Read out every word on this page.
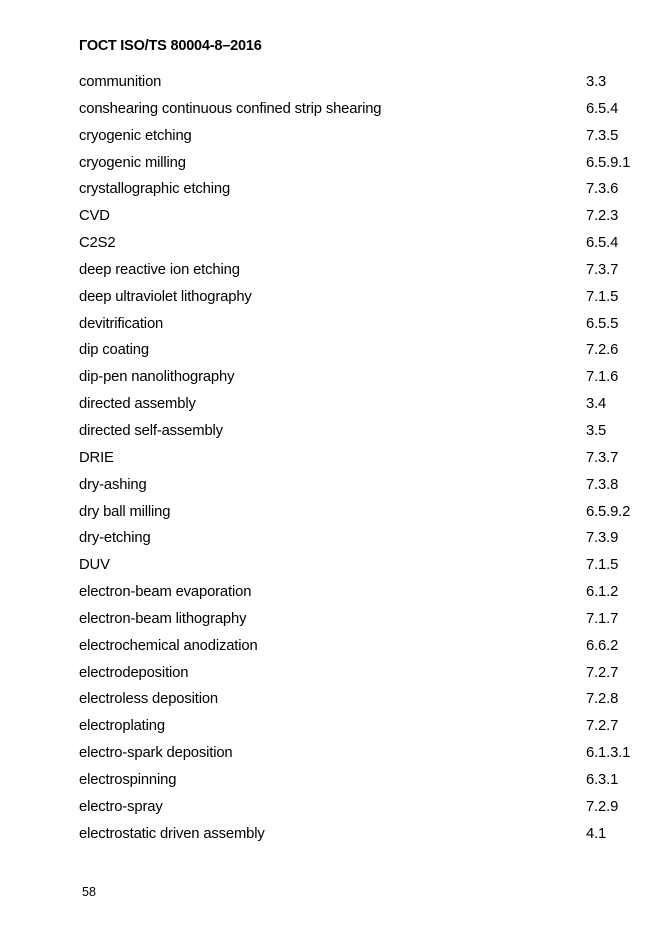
ГОСТ ISO/TS 80004-8–2016
communition	3.3
conshearing continuous confined strip shearing	6.5.4
cryogenic etching	7.3.5
cryogenic milling	6.5.9.1
crystallographic etching	7.3.6
CVD	7.2.3
C2S2	6.5.4
deep reactive ion etching	7.3.7
deep ultraviolet lithography	7.1.5
devitrification	6.5.5
dip coating	7.2.6
dip-pen nanolithography	7.1.6
directed assembly	3.4
directed self-assembly	3.5
DRIE	7.3.7
dry-ashing	7.3.8
dry ball milling	6.5.9.2
dry-etching	7.3.9
DUV	7.1.5
electron-beam evaporation	6.1.2
electron-beam lithography	7.1.7
electrochemical anodization	6.6.2
electrodeposition	7.2.7
electroless deposition	7.2.8
electroplating	7.2.7
electro-spark deposition	6.1.3.1
electrospinning	6.3.1
electro-spray	7.2.9
electrostatic driven assembly	4.1
58
